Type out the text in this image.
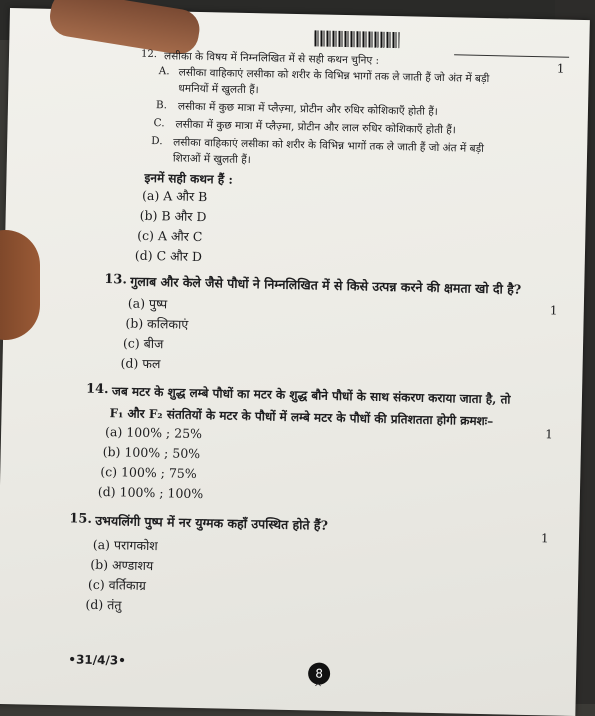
12. लसीका के विषय में निम्नलिखित में से सही कथन चुनिए :
1
A. लसीका वाहिकाएं लसीका को शरीर के विभिन्न भागों तक ले जाती हैं जो अंत में बड़ी
धमनियों में खुलती हैं।
B. लसीका में कुछ मात्रा में प्लैज़्मा, प्रोटीन और रुधिर कोशिकाएँ होती हैं।
C. लसीका में कुछ मात्रा में प्लैज़्मा, प्रोटीन और लाल रुधिर कोशिकाएँ होती हैं।
D. लसीका वाहिकाएं लसीका को शरीर के विभिन्न भागों तक ले जाती हैं जो अंत में बड़ी
शिराओं में खुलती हैं।
इनमें सही कथन हैं :
(a) A और B
(b) B और D
(c) A और C
(d) C और D
13. गुलाब और केले जैसे पौधों ने निम्नलिखित में से किसे उत्पन्न करने की क्षमता खो दी है?
1
(a) पुष्प
(b) कलिकाएं
(c) बीज
(d) फल
14. जब मटर के शुद्ध लम्बे पौधों का मटर के शुद्ध बौने पौधों के साथ संकरण कराया जाता है, तो
F₁ और F₂ संततियों के मटर के पौधों में लम्बे मटर के पौधों की प्रतिशतता होगी क्रमशः–
1
(a) 100% ; 25%
(b) 100% ; 50%
(c) 100% ; 75%
(d) 100% ; 100%
15. उभयलिंगी पुष्प में नर युग्मक कहाँ उपस्थित होते हैं?
1
(a) परागकोश
(b) अण्डाशय
(c) वर्तिकाग्र
(d) तंतु
•31/4/3•
8
^
